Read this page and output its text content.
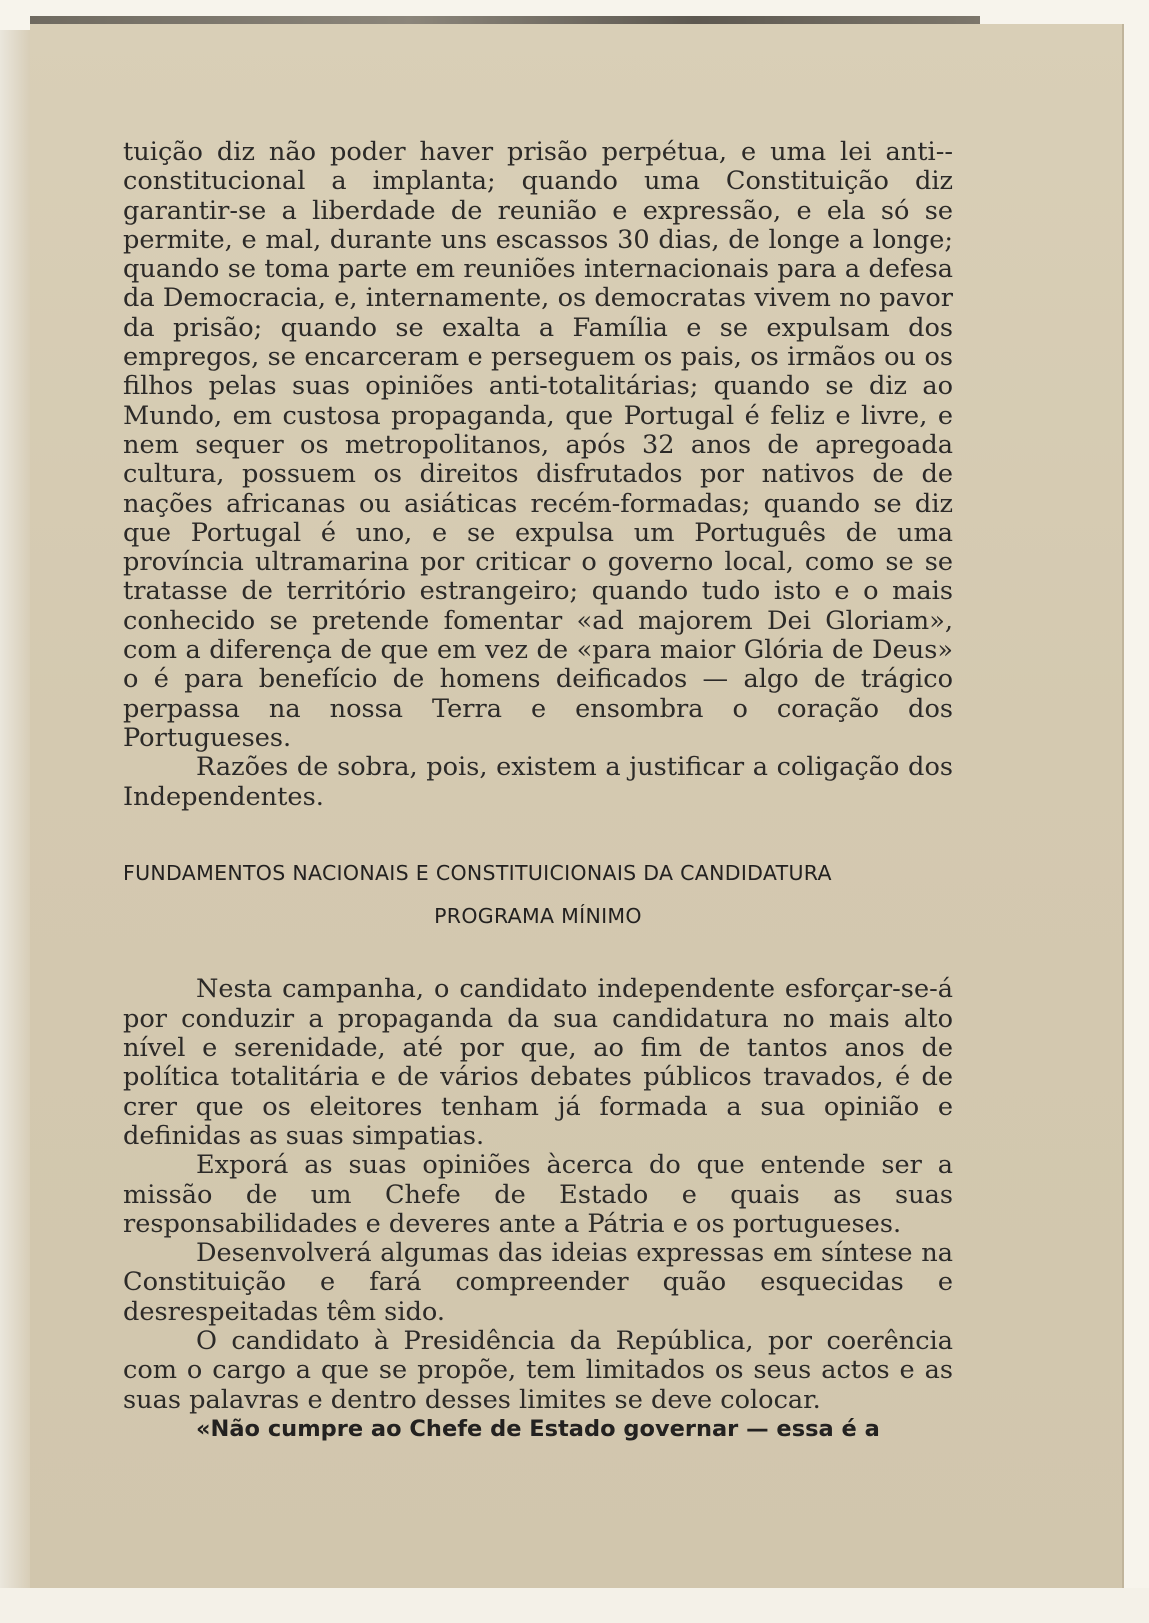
tuição diz não poder haver prisão perpétua, e uma lei anti--constitucional a implanta; quando uma Constituição diz garantir-se a liberdade de reunião e expressão, e ela só se permite, e mal, durante uns escassos 30 dias, de longe a longe; quando se toma parte em reuniões internacionais para a defesa da Democracia, e, internamente, os democratas vivem no pavor da prisão; quando se exalta a Família e se expulsam dos empregos, se encarceram e perseguem os pais, os irmãos ou os filhos pelas suas opiniões anti-totalitárias; quando se diz ao Mundo, em custosa propaganda, que Portugal é feliz e livre, e nem sequer os metropolitanos, após 32 anos de apregoada cultura, possuem os direitos disfrutados por nativos de de nações africanas ou asiáticas recém-formadas; quando se diz que Portugal é uno, e se expulsa um Português de uma província ultramarina por criticar o governo local, como se se tratasse de território estrangeiro; quando tudo isto e o mais conhecido se pretende fomentar «ad majorem Dei Gloriam», com a diferença de que em vez de «para maior Glória de Deus» o é para benefício de homens deificados — algo de trágico perpassa na nossa Terra e ensombra o coração dos Portugueses.

Razões de sobra, pois, existem a justificar a coligação dos Independentes.

FUNDAMENTOS NACIONAIS E CONSTITUICIONAIS DA CANDIDATURA

PROGRAMA MÍNIMO

Nesta campanha, o candidato independente esforçar-se-á por conduzir a propaganda da sua candidatura no mais alto nível e serenidade, até por que, ao fim de tantos anos de política totalitária e de vários debates públicos travados, é de crer que os eleitores tenham já formada a sua opinião e definidas as suas simpatias.

Exporá as suas opiniões àcerca do que entende ser a missão de um Chefe de Estado e quais as suas responsabilidades e deveres ante a Pátria e os portugueses.

Desenvolverá algumas das ideias expressas em síntese na Constituição e fará compreender quão esquecidas e desrespeitadas têm sido.

O candidato à Presidência da República, por coerência com o cargo a que se propõe, tem limitados os seus actos e as suas palavras e dentro desses limites se deve colocar.

«Não cumpre ao Chefe de Estado governar — essa é a
